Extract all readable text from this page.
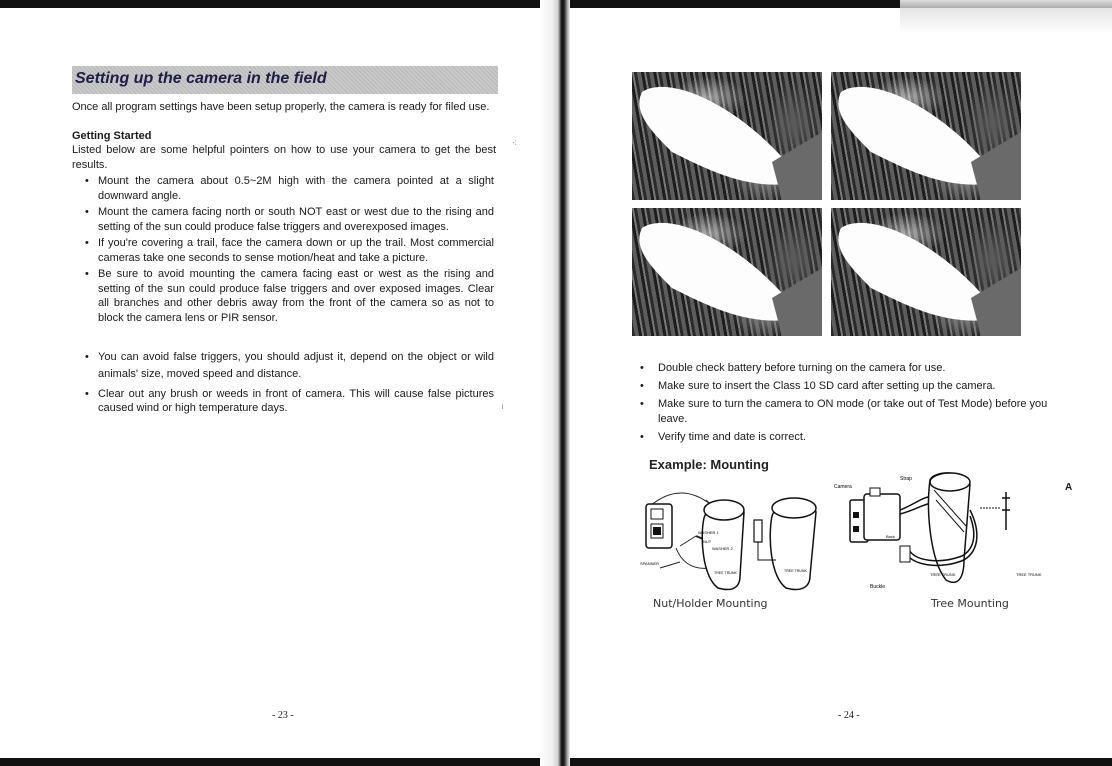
Setting up the camera in the field
Once all program settings have been setup properly, the camera is ready for filed use.
Getting Started
Listed below are some helpful pointers on how to use your camera to get the best results.
• Mount the camera about 0.5~2M high with the camera pointed at a slight downward angle.
• Mount the camera facing north or south NOT east or west due to the rising and setting of the sun could produce false triggers and overexposed images.
• If you're covering a trail, face the camera down or up the trail. Most commercial cameras take one seconds to sense motion/heat and take a picture.
• Be sure to avoid mounting the camera facing east or west as the rising and setting of the sun could produce false triggers and over exposed images. Clear all branches and other debris away from the front of the camera so as not to block the camera lens or PIR sensor.
• You can avoid false triggers, you should adjust it, depend on the object or wild animals' size, moved speed and distance.
• Clear out any brush or weeds in front of camera. This will cause false pictures caused wind or high temperature days.
- 23 -
·:
╷
• Double check battery before turning on the camera for use.
• Make sure to insert the Class 10 SD card after setting up the camera.
• Make sure to turn the camera to ON mode (or take out of Test Mode) before you leave.
• Verify time and date is correct.
Example: Mounting
WASHER 1
NUT
WASHER 2
SPANNER
TREE TRUNK	TREE TRUNK
Camera
Strap
Back
Buckle
TREE TRUNK	TREE TRUNK
Nut/Holder Mounting	Tree Mounting
A
- 24 -
